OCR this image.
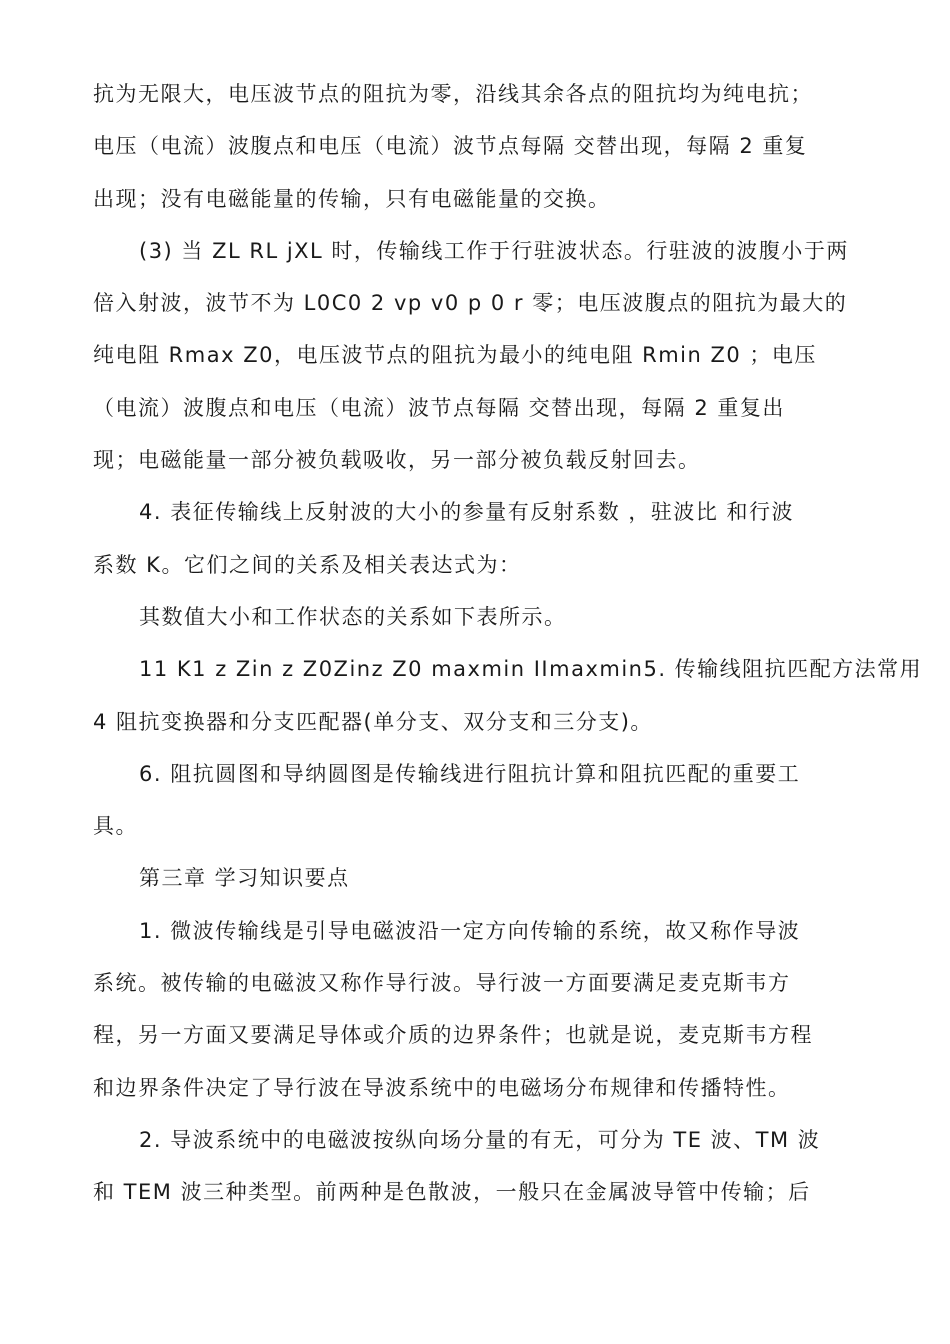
抗为无限大，电压波节点的阻抗为零，沿线其余各点的阻抗均为纯电抗；
电压（电流）波腹点和电压（电流）波节点每隔 交替出现，每隔 2 重复
出现；没有电磁能量的传输，只有电磁能量的交换。
(3) 当 ZL RL jXL 时，传输线工作于行驻波状态。行驻波的波腹小于两
倍入射波，波节不为 L0C0 2 vp v0 p 0 r 零；电压波腹点的阻抗为最大的
纯电阻 Rmax Z0，电压波节点的阻抗为最小的纯电阻 Rmin Z0 ；电压
（电流）波腹点和电压（电流）波节点每隔 交替出现，每隔 2 重复出
现；电磁能量一部分被负载吸收，另一部分被负载反射回去。
4. 表征传输线上反射波的大小的参量有反射系数 ，驻波比 和行波
系数 K。它们之间的关系及相关表达式为：
其数值大小和工作状态的关系如下表所示。
11 K1 z Zin z Z0Zinz Z0 maxmin IImaxmin5. 传输线阻抗匹配方法常用
4 阻抗变换器和分支匹配器(单分支、双分支和三分支)。
6. 阻抗圆图和导纳圆图是传输线进行阻抗计算和阻抗匹配的重要工
具。
第三章 学习知识要点
1. 微波传输线是引导电磁波沿一定方向传输的系统，故又称作导波
系统。被传输的电磁波又称作导行波。导行波一方面要满足麦克斯韦方
程，另一方面又要满足导体或介质的边界条件；也就是说，麦克斯韦方程
和边界条件决定了导行波在导波系统中的电磁场分布规律和传播特性。
2. 导波系统中的电磁波按纵向场分量的有无，可分为 TE 波、TM 波
和 TEM 波三种类型。前两种是色散波，一般只在金属波导管中传输；后
